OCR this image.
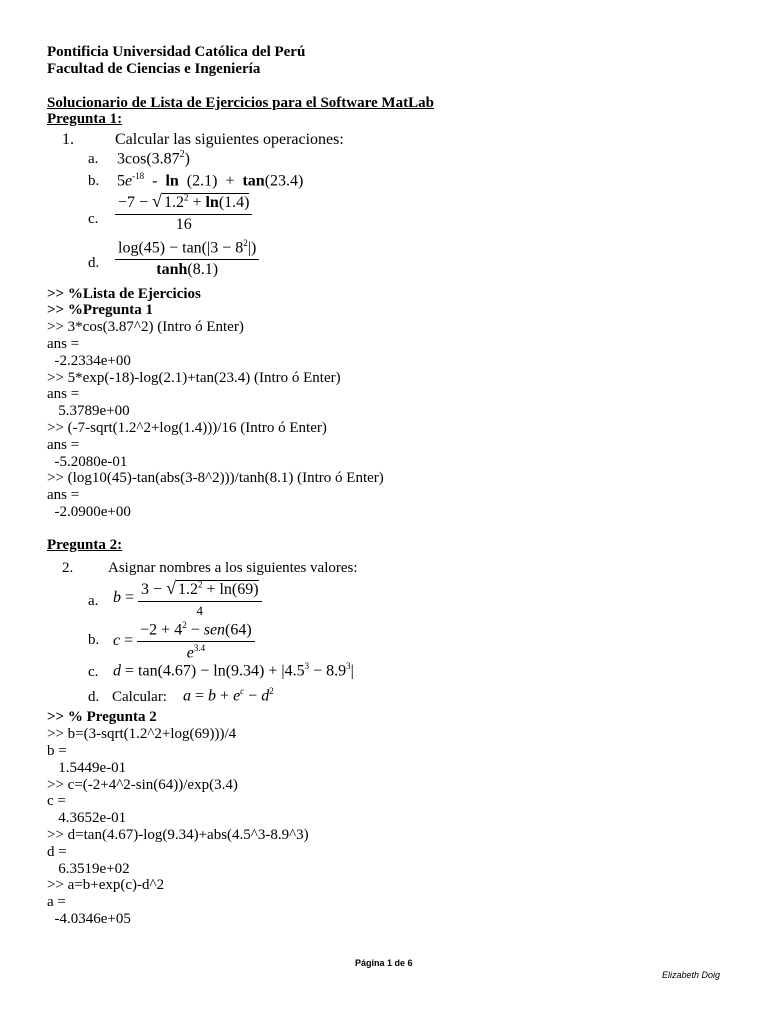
Pontificia Universidad Católica del Perú
Facultad de Ciencias e Ingeniería
Solucionario de Lista de Ejercicios para el Software MatLab
Pregunta 1:
1.	Calcular las siguientes operaciones:
a. 3cos(3.87$^2$)
b. $5e^{-18} - \ln (2.1) + \tan(23.4)$
c. $\frac{-7 - √ 1.2^2 + \ln(1.4)}{16}$
d. $\frac{\log(45) - \tan(|3 - 8^2|)}{\tanh(8.1)}$
>> %Lista de Ejercicios
>> %Pregunta 1
>> 3*cos(3.87^2) (Intro ó Enter)
ans =
-2.2334e+00
>> 5*exp(-18)-log(2.1)+tan(23.4) (Intro ó Enter)
ans =
5.3789e+00
>> (-7-sqrt(1.2^2+log(1.4)))/16 (Intro ó Enter)
ans =
-5.2080e-01
>> (log10(45)-tan(abs(3-8^2)))/tanh(8.1) (Intro ó Enter)
ans =
-2.0900e+00
Pregunta 2:
2. Asignar nombres a los siguientes valores:
a. $b = \frac{3 - √ 1.2^2 + \ln(69)}{4}$
b. $c = \frac{-2 + 4^2 - sen(64)}{e^{3.4}}$
c. $d = \tan(4.67) - \ln(9.34) + |4.5^3 - 8.9^3|$
d. Calcular: $a = b + e^c - d^2$
>> % Pregunta 2
>> b=(3-sqrt(1.2^2+log(69)))/4
b =
1.5449e-01
>> c=(-2+4^2-sin(64))/exp(3.4)
c =
4.3652e-01
>> d=tan(4.67)-log(9.34)+abs(4.5^3-8.9^3)
d =
6.3519e+02
>> a=b+exp(c)-d^2
a =
-4.0346e+05
Página 1 de 6
Elizabeth Doig
